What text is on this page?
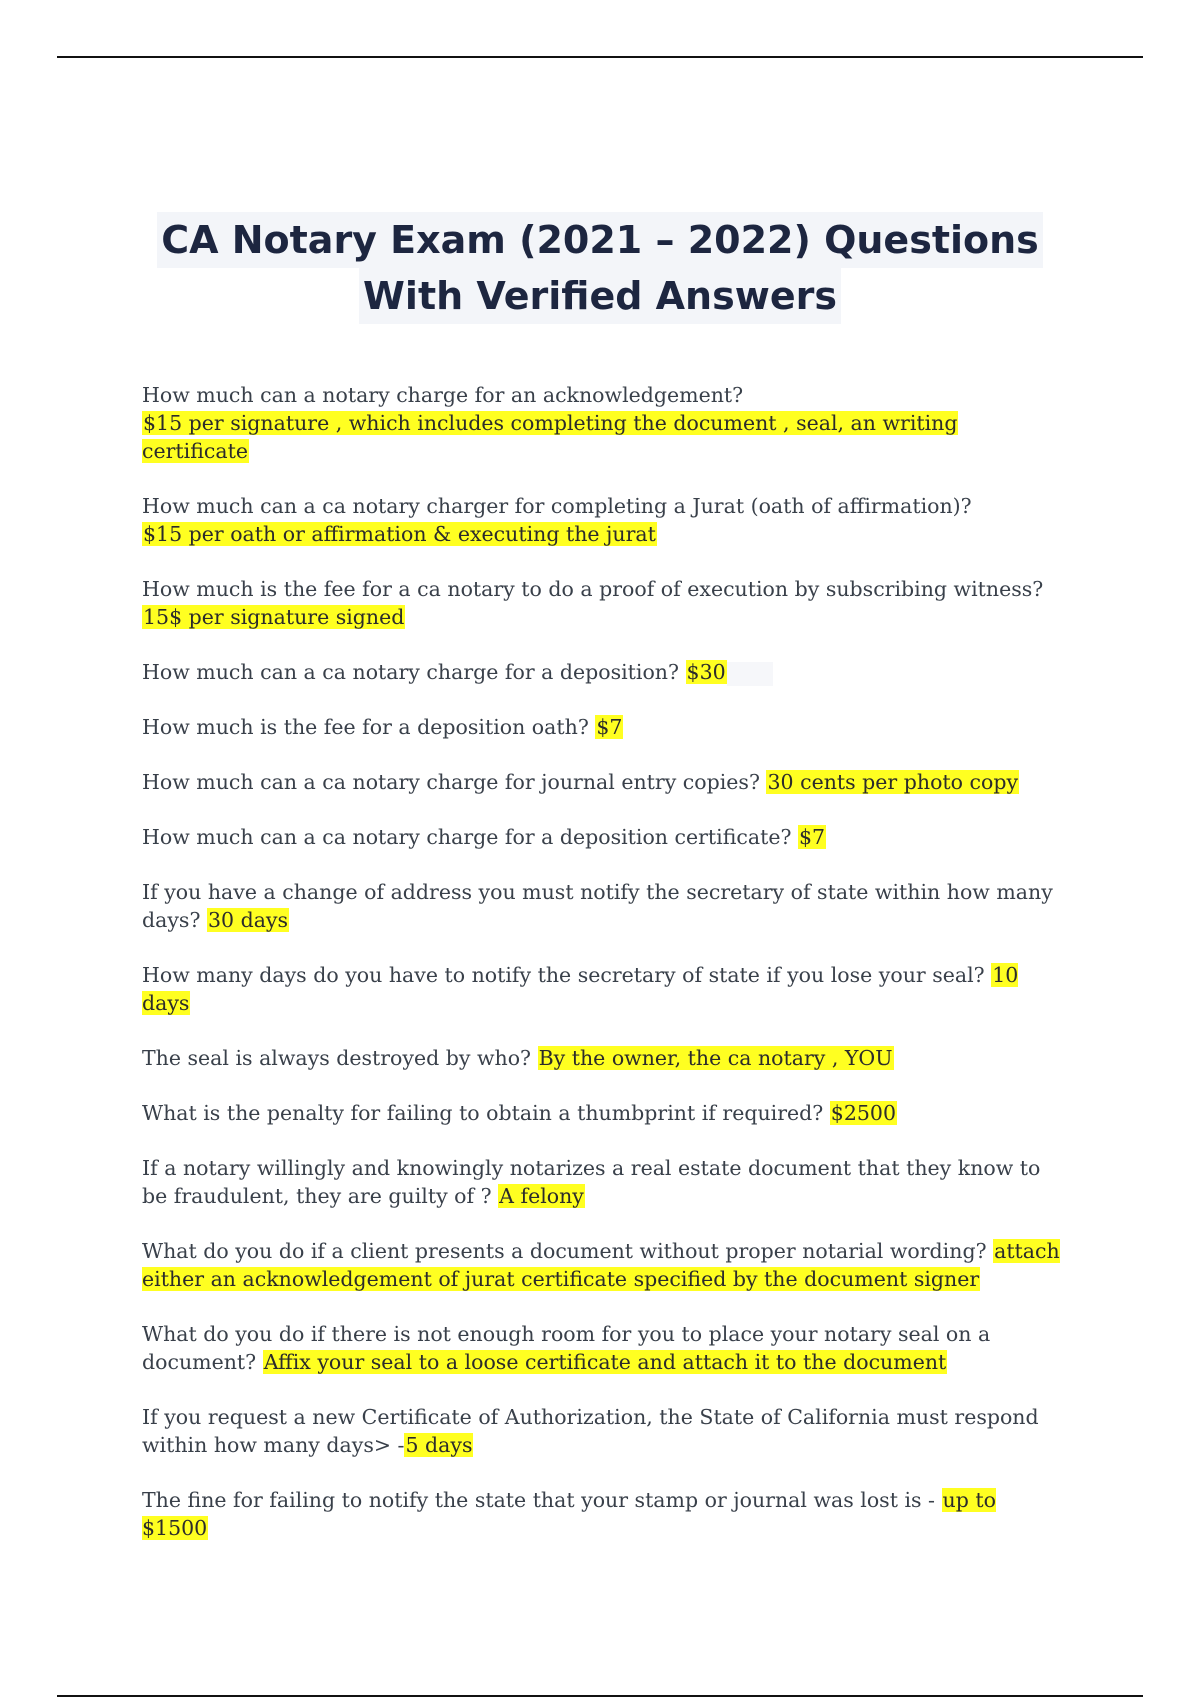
CA Notary Exam (2021 – 2022) Questions
With Verified Answers
How much can a notary charge for an acknowledgement?
$15 per signature , which includes completing the document , seal, an writing certificate
How much can a ca notary charger for completing a Jurat (oath of affirmation)?
$15 per oath or affirmation & executing the jurat
How much is the fee for a ca notary to do a proof of execution by subscribing witness?
15$ per signature signed
How much can a ca notary charge for a deposition? $30
How much is the fee for a deposition oath? $7
How much can a ca notary charge for journal entry copies? 30 cents per photo copy
How much can a ca notary charge for a deposition certificate? $7
If you have a change of address you must notify the secretary of state within how many days? 30 days
How many days do you have to notify the secretary of state if you lose your seal? 10 days
The seal is always destroyed by who? By the owner, the ca notary , YOU
What is the penalty for failing to obtain a thumbprint if required? $2500
If a notary willingly and knowingly notarizes a real estate document that they know to be fraudulent, they are guilty of ? A felony
What do you do if a client presents a document without proper notarial wording? attach either an acknowledgement of jurat certificate specified by the document signer
What do you do if there is not enough room for you to place your notary seal on a document? Affix your seal to a loose certificate and attach it to the document
If you request a new Certificate of Authorization, the State of California must respond within how many days> -5 days
The fine for failing to notify the state that your stamp or journal was lost is - up to $1500
